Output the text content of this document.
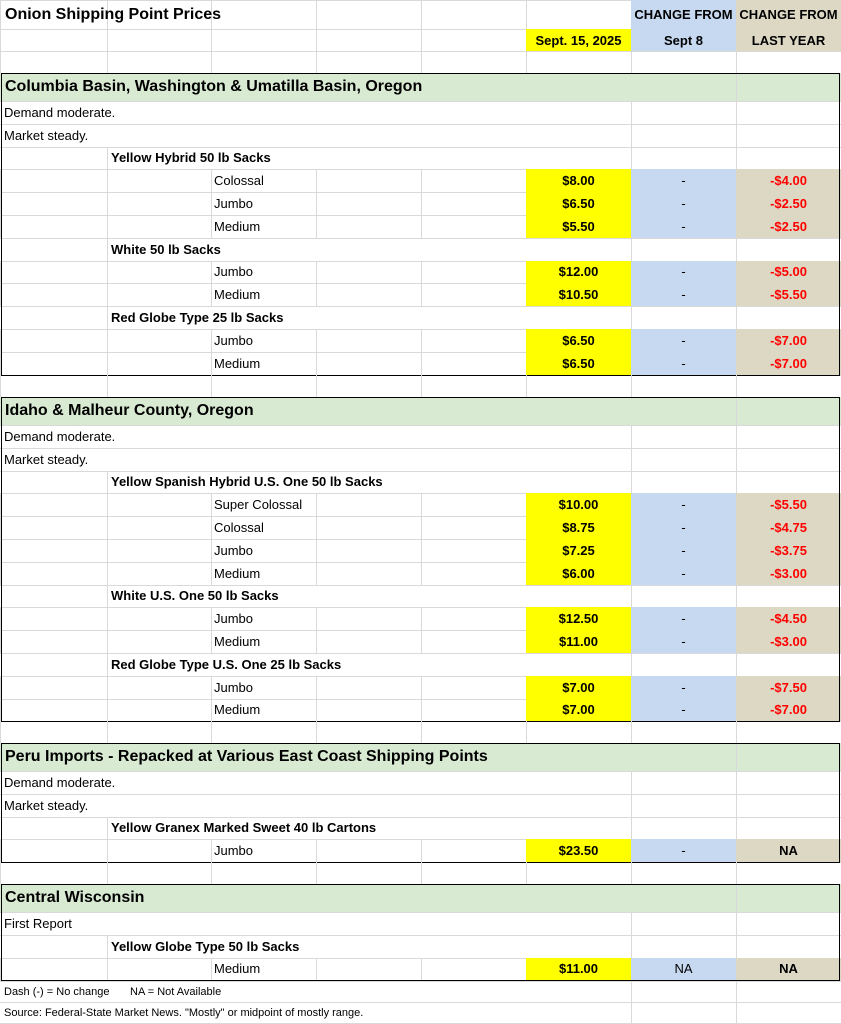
Onion Shipping Point Prices	CHANGE FROM CHANGE FROM
Sept. 15, 2025	Sept 8	LAST YEAR
Columbia Basin, Washington & Umatilla Basin, Oregon
Demand moderate.
Market steady.
Yellow Hybrid 50 lb Sacks
Colossal	$8.00	-	-$4.00
Jumbo	$6.50	-	-$2.50
Medium	$5.50	-	-$2.50
White 50 lb Sacks
Jumbo	$12.00	-	-$5.00
Medium	$10.50	-	-$5.50
Red Globe Type 25 lb Sacks
Jumbo	$6.50	-	-$7.00
Medium	$6.50	-	-$7.00
Idaho & Malheur County, Oregon
Demand moderate.
Market steady.
Yellow Spanish Hybrid U.S. One 50 lb Sacks
Super Colossal	$10.00	-	-$5.50
Colossal	$8.75	-	-$4.75
Jumbo	$7.25	-	-$3.75
Medium	$6.00	-	-$3.00
White U.S. One 50 lb Sacks
Jumbo	$12.50	-	-$4.50
Medium	$11.00	-	-$3.00
Red Globe Type U.S. One 25 lb Sacks
Jumbo	$7.00	-	-$7.50
Medium	$7.00	-	-$7.00
Peru Imports - Repacked at Various East Coast Shipping Points
Demand moderate.
Market steady.
Yellow Granex Marked Sweet 40 lb Cartons
Jumbo	$23.50	-	NA
Central Wisconsin
First Report
Yellow Globe Type 50 lb Sacks
Medium	$11.00	NA	NA
Dash (-) = No change	NA = Not Available
Source: Federal-State Market News. "Mostly" or midpoint of mostly range.
